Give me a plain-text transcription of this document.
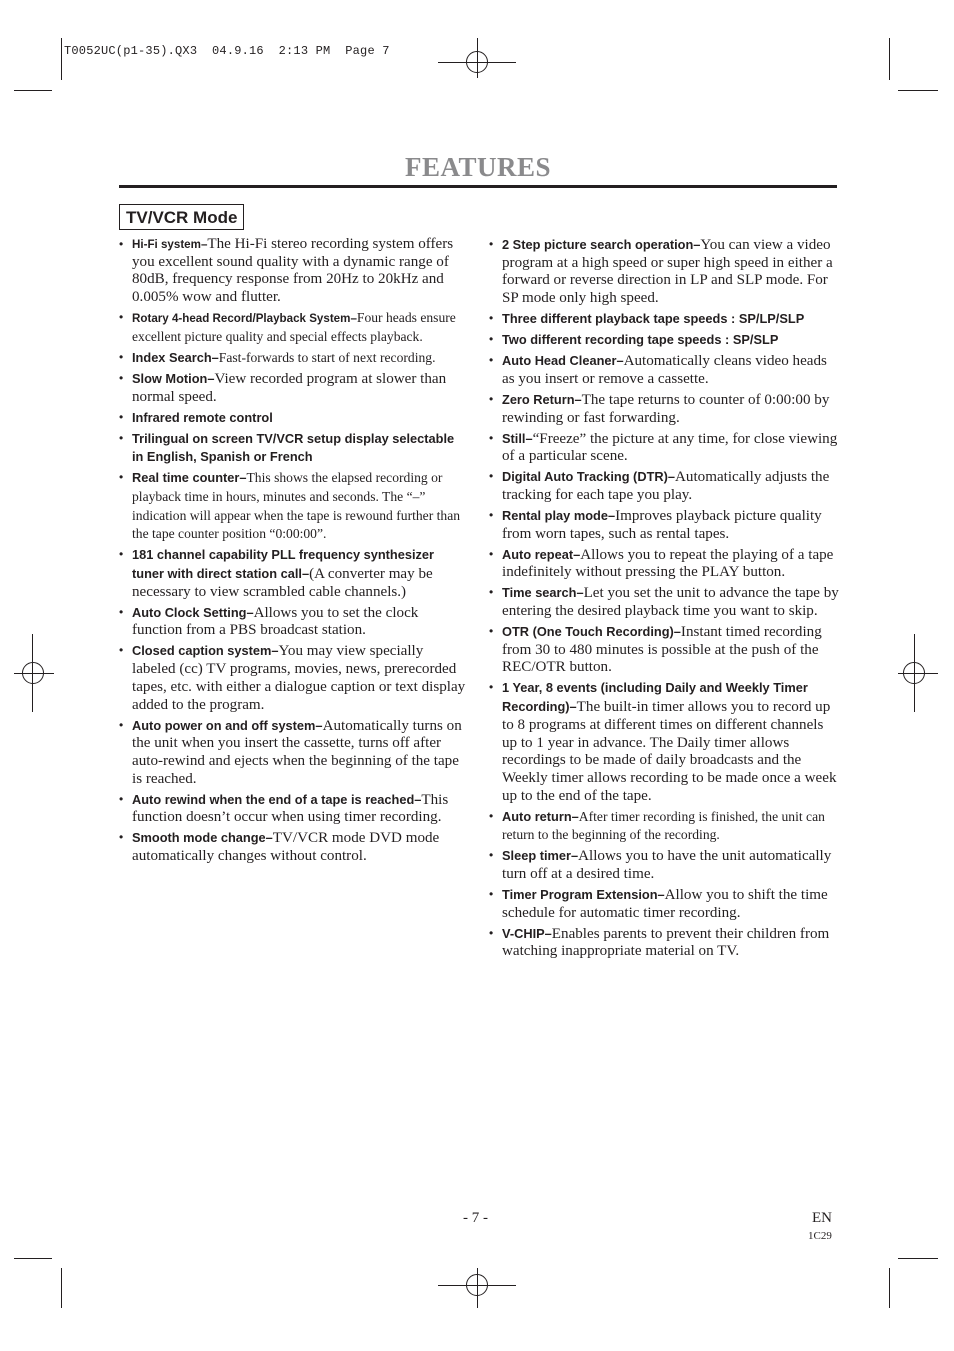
T0052UC(p1-35).QX3  04.9.16  2:13 PM  Page 7
FEATURES
TV/VCR Mode
• Hi-Fi system–The Hi-Fi stereo recording system offers you excellent sound quality with a dynamic range of 80dB, frequency response from 20Hz to 20kHz and 0.005% wow and flutter.
• Rotary 4-head Record/Playback System–Four heads ensure excellent picture quality and special effects playback.
• Index Search–Fast-forwards to start of next recording.
• Slow Motion–View recorded program at slower than normal speed.
• Infrared remote control
• Trilingual on screen TV/VCR setup display selectable in English, Spanish or French
• Real time counter–This shows the elapsed recording or playback time in hours, minutes and seconds. The “–” indication will appear when the tape is rewound further than the tape counter position “0:00:00”.
• 181 channel capability PLL frequency synthesizer tuner with direct station call–(A converter may be necessary to view scrambled cable channels.)
• Auto Clock Setting–Allows you to set the clock function from a PBS broadcast station.
• Closed caption system–You may view specially labeled (cc) TV programs, movies, news, prerecorded tapes, etc. with either a dialogue caption or text display added to the program.
• Auto power on and off system–Automatically turns on the unit when you insert the cassette, turns off after auto-rewind and ejects when the beginning of the tape is reached.
• Auto rewind when the end of a tape is reached–This function doesn’t occur when using timer recording.
• Smooth mode change–TV/VCR mode DVD mode automatically changes without control.
• 2 Step picture search operation–You can view a video program at a high speed or super high speed in either a forward or reverse direction in LP and SLP mode. For SP mode only high speed.
• Three different playback tape speeds : SP/LP/SLP
• Two different recording tape speeds : SP/SLP
• Auto Head Cleaner–Automatically cleans video heads as you insert or remove a cassette.
• Zero Return–The tape returns to counter of 0:00:00 by rewinding or fast forwarding.
• Still–“Freeze” the picture at any time, for close viewing of a particular scene.
• Digital Auto Tracking (DTR)–Automatically adjusts the tracking for each tape you play.
• Rental play mode–Improves playback picture quality from worn tapes, such as rental tapes.
• Auto repeat–Allows you to repeat the playing of a tape indefinitely without pressing the PLAY button.
• Time search–Let you set the unit to advance the tape by entering the desired playback time you want to skip.
• OTR (One Touch Recording)–Instant timed recording from 30 to 480 minutes is possible at the push of the REC/OTR button.
• 1 Year, 8 events (including Daily and Weekly Timer Recording)–The built-in timer allows you to record up to 8 programs at different times on different channels up to 1 year in advance. The Daily timer allows recordings to be made of daily broadcasts and the Weekly timer allows recording to be made once a week up to the end of the tape.
• Auto return–After timer recording is finished, the unit can return to the beginning of the recording.
• Sleep timer–Allows you to have the unit automatically turn off at a desired time.
• Timer Program Extension–Allow you to shift the time schedule for automatic timer recording.
• V-CHIP–Enables parents to prevent their children from watching inappropriate material on TV.
- 7 -	EN
1C29
